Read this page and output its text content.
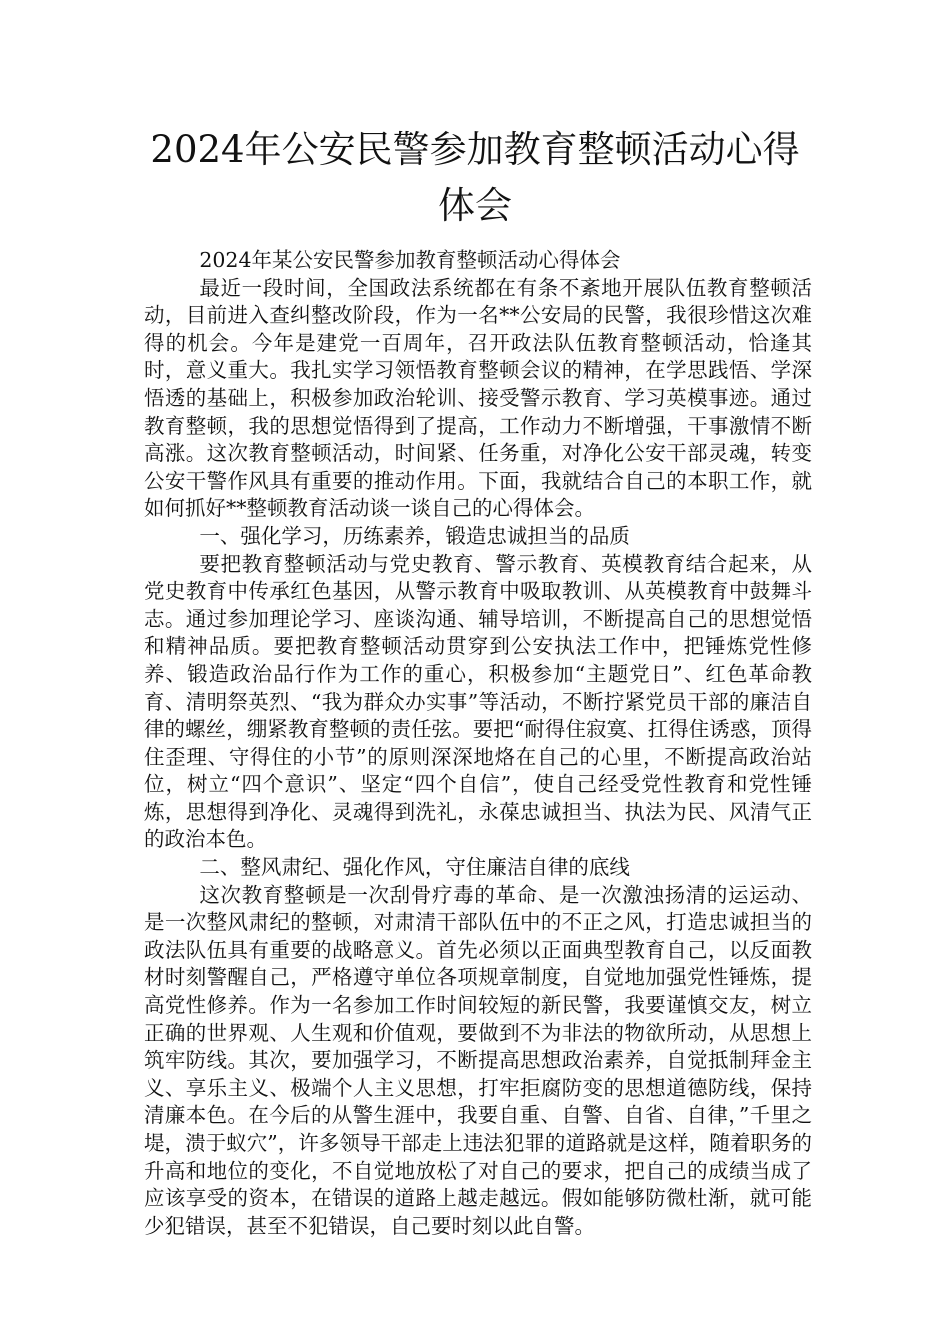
2024年公安民警参加教育整顿活动心得体会

2024年某公安民警参加教育整顿活动心得体会

最近一段时间，全国政法系统都在有条不紊地开展队伍教育整顿活动，目前进入查纠整改阶段，作为一名**公安局的民警，我很珍惜这次难得的机会。今年是建党一百周年，召开政法队伍教育整顿活动，恰逢其时，意义重大。我扎实学习领悟教育整顿会议的精神，在学思践悟、学深悟透的基础上，积极参加政治轮训、接受警示教育、学习英模事迹。通过教育整顿，我的思想觉悟得到了提高，工作动力不断增强，干事激情不断高涨。这次教育整顿活动，时间紧、任务重，对净化公安干部灵魂，转变公安干警作风具有重要的推动作用。下面，我就结合自己的本职工作，就如何抓好**整顿教育活动谈一谈自己的心得体会。

一、强化学习，历练素养，锻造忠诚担当的品质

要把教育整顿活动与党史教育、警示教育、英模教育结合起来，从党史教育中传承红色基因，从警示教育中吸取教训、从英模教育中鼓舞斗志。通过参加理论学习、座谈沟通、辅导培训，不断提高自己的思想觉悟和精神品质。要把教育整顿活动贯穿到公安执法工作中，把锤炼党性修养、锻造政治品行作为工作的重心，积极参加“主题党日”、红色革命教育、清明祭英烈、“我为群众办实事”等活动，不断拧紧党员干部的廉洁自律的螺丝，绷紧教育整顿的责任弦。要把“耐得住寂寞、扛得住诱惑，顶得住歪理、守得住的小节”的原则深深地烙在自己的心里，不断提高政治站位，树立“四个意识”、坚定“四个自信”，使自己经受党性教育和党性锤炼，思想得到净化、灵魂得到洗礼，永葆忠诚担当、执法为民、风清气正的政治本色。

二、整风肃纪、强化作风，守住廉洁自律的底线

这次教育整顿是一次刮骨疗毒的革命、是一次激浊扬清的运运动、是一次整风肃纪的整顿，对肃清干部队伍中的不正之风，打造忠诚担当的政法队伍具有重要的战略意义。首先必须以正面典型教育自己，以反面教材时刻警醒自己，严格遵守单位各项规章制度，自觉地加强党性锤炼，提高党性修养。作为一名参加工作时间较短的新民警，我要谨慎交友，树立正确的世界观、人生观和价值观，要做到不为非法的物欲所动，从思想上筑牢防线。其次，要加强学习，不断提高思想政治素养，自觉抵制拜金主义、享乐主义、极端个人主义思想，打牢拒腐防变的思想道德防线，保持清廉本色。在今后的从警生涯中，我要自重、自警、自省、自律，”千里之堤，溃于蚁穴”，许多领导干部走上违法犯罪的道路就是这样，随着职务的升高和地位的变化，不自觉地放松了对自己的要求，把自己的成绩当成了应该享受的资本，在错误的道路上越走越远。假如能够防微杜渐，就可能少犯错误，甚至不犯错误，自己要时刻以此自警。
